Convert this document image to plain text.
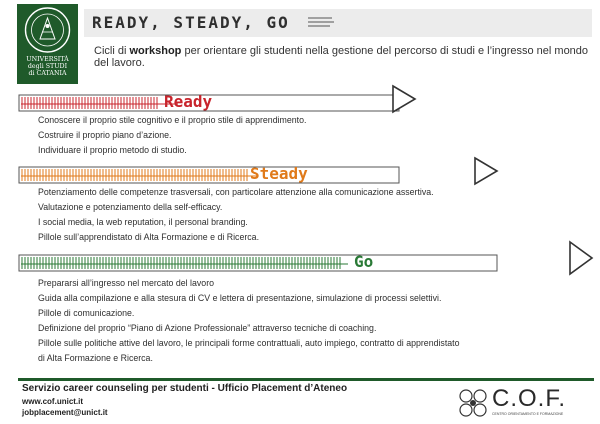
UNIVERSITÀ
degli STUDI
di CATANIA
READY, STEADY, GO
Cicli di workshop per orientare gli studenti nella gestione del percorso di studi e l’ingresso nel mondo del lavoro.
Ready
Conoscere il proprio stile cognitivo e il proprio stile di apprendimento.
Costruire il proprio piano d’azione.
Individuare il proprio metodo di studio.
Steady
Potenziamento delle competenze trasversali, con particolare attenzione alla comunicazione assertiva.
Valutazione e potenziamento della self-efficacy.
I social media, la web reputation, il personal branding.
Pillole sull’apprendistato di Alta Formazione e di Ricerca.
Go
Prepararsi all’ingresso nel mercato del lavoro
Guida alla compilazione e alla stesura di CV e lettera di presentazione, simulazione di processi selettivi.
Pillole di comunicazione.
Definizione del proprio “Piano di Azione Professionale” attraverso tecniche di coaching.
Pillole sulle politiche attive del lavoro, le principali forme contrattuali, auto impiego, contratto di apprendistato
di Alta Formazione e Ricerca.
Servizio career counseling per studenti - Ufficio Placement d’Ateneo
www.cof.unict.it
jobplacement@unict.it
C.O.F.
CENTRO ORIENTAMENTO E FORMAZIONE
